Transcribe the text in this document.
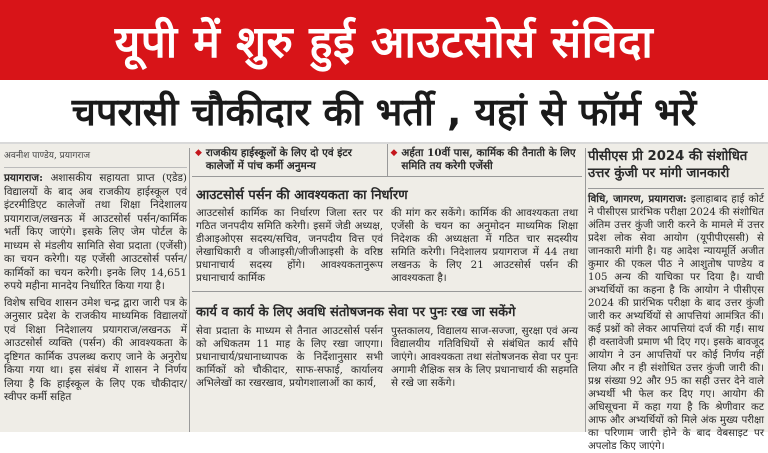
यूपी में शुरु हुई आउटसोर्स संविदा
चपरासी चौकीदार की भर्ती , यहां से फॉर्म भरें
अवनीश पाण्डेय, प्रयागराज

प्रयागराज: अशासकीय सहायता प्राप्त (एडेड) विद्यालयों के बाद अब राजकीय हाईस्कूल एवं इंटरमीडिएट कालेजों तथा शिक्षा निदेशालय प्रयागराज/लखनऊ में आउटसोर्स पर्सन/कार्मिक भर्ती किए जाएंगे। इसके लिए जेम पोर्टल के माध्यम से मंडलीय सामिति सेवा प्रदाता (एजेंसी) का चयन करेगी। यह एजेंसी आउटसोर्स पर्सन/कार्मिकों का चयन करेगी। इनके लिए 14,651 रुपये महीना मानदेय निर्धारित किया गया है।

विशेष सचिव शासन उमेश चन्द्र द्वारा जारी पत्र के अनुसार प्रदेश के राजकीय माध्यमिक विद्यालयों एवं शिक्षा निदेशालय प्रयागराज/लखनऊ में आउटसोर्स व्यक्ति (पर्सन) की आवश्यकता के दृष्टिगत कार्मिक उपलब्ध कराए जाने के अनुरोध किया गया था। इस संबंध में शासन ने निर्णय लिया है कि हाईस्कूल के लिए एक चौकीदार/स्वीपर कर्मी सहित

◆ राजकीय हाईस्कूलों के लिए दो एवं इंटर कालेजों में पांच कर्मी अनुमन्य
◆ अर्हता 10वीं पास, कार्मिक की तैनाती के लिए समिति तय करेगी एजेंसी
आउटसोर्स पर्सन की आवश्यकता का निर्धारण
आउटसोर्स कार्मिक का निर्धारण जिला स्तर पर गठित जनपदीय समिति करेगी। इसमें जेडी अध्यक्ष, डीआइओएस सदस्य/सचिव, जनपदीय वित्त एवं लेखाधिकारी व जीआइसी/जीजीआइसी के वरिष्ठ प्रधानाचार्य सदस्य होंगे। आवश्यकतानुरूप प्रधानाचार्य कार्मिक
की मांग कर सकेंगे। कार्मिक की आवश्यकता तथा एजेंसी के चयन का अनुमोदन माध्यमिक शिक्षा निदेशक की अध्यक्षता में गठित चार सदस्यीय समिति करेगी। निदेशालय प्रयागराज में 44 तथा लखनऊ के लिए 21 आउटसोर्स पर्सन की आवश्यकता है।
कार्य व कार्य के लिए अवधि संतोषजनक सेवा पर पुनः रख जा सकेंगे
सेवा प्रदाता के माध्यम से तैनात आउटसोर्स पर्सन को अधिकतम 11 माह के लिए रखा जाएगा। प्रधानाचार्य/प्रधानाध्यापक के निर्देशानुसार सभी कार्मिकों को चौकीदार, साफ-सफाई, कार्यालय अभिलेखों का रखरखाव, प्रयोगशालाओं का कार्य,
पुस्तकालय, विद्यालय साज-सज्जा, सुरक्षा एवं अन्य विद्यालयीय गतिविधियों से संबंधित कार्य सौंपे जाएंगे। आवश्यकता तथा संतोषजनक सेवा पर पुनः अगामी शैक्षिक सत्र के लिए प्रधानाचार्य की सहमति से रखे जा सकेंगे।
पीसीएस प्री 2024 की संशोधित उत्तर कुंजी पर मांगी जानकारी

विधि, जागरण, प्रयागराज: इलाहाबाद हाई कोर्ट ने पीसीएस प्रारंभिक परीक्षा 2024 की संशोधित अंतिम उत्तर कुंजी जारी करने के मामले में उत्तर प्रदेश लोक सेवा आयोग (यूपीपीएससी) से जानकारी मांगी है। यह आदेश न्यायमूर्ति अजीत कुमार की एकल पीठ ने आशुतोष पाण्डेय व 105 अन्य की याचिका पर दिया है। याची अभ्यर्थियों का कहना है कि आयोग ने पीसीएस 2024 की प्रारंभिक परीक्षा के बाद उत्तर कुंजी जारी कर अभ्यर्थियों से आपत्तियां आमंत्रित कीं। कई प्रश्नों को लेकर आपत्तियां दर्ज की गईं। साथ ही वस्तावेजी प्रमाण भी दिए गए। इसके बावजूद आयोग ने उन आपत्तियों पर कोई निर्णय नहीं लिया और न ही संशोधित उत्तर कुंजी जारी की। प्रश्न संख्या 92 और 95 का सही उत्तर देने वाले अभ्यर्थी भी फेल कर दिए गए। आयोग की अधिसूचना में कहा गया है कि श्रेणीवार कट आफ और अभ्यर्थियों को मिले अंक मुख्य परीक्षा का परिणाम जारी होने के बाद वेबसाइट पर अपलोड किए जाएंगे।
